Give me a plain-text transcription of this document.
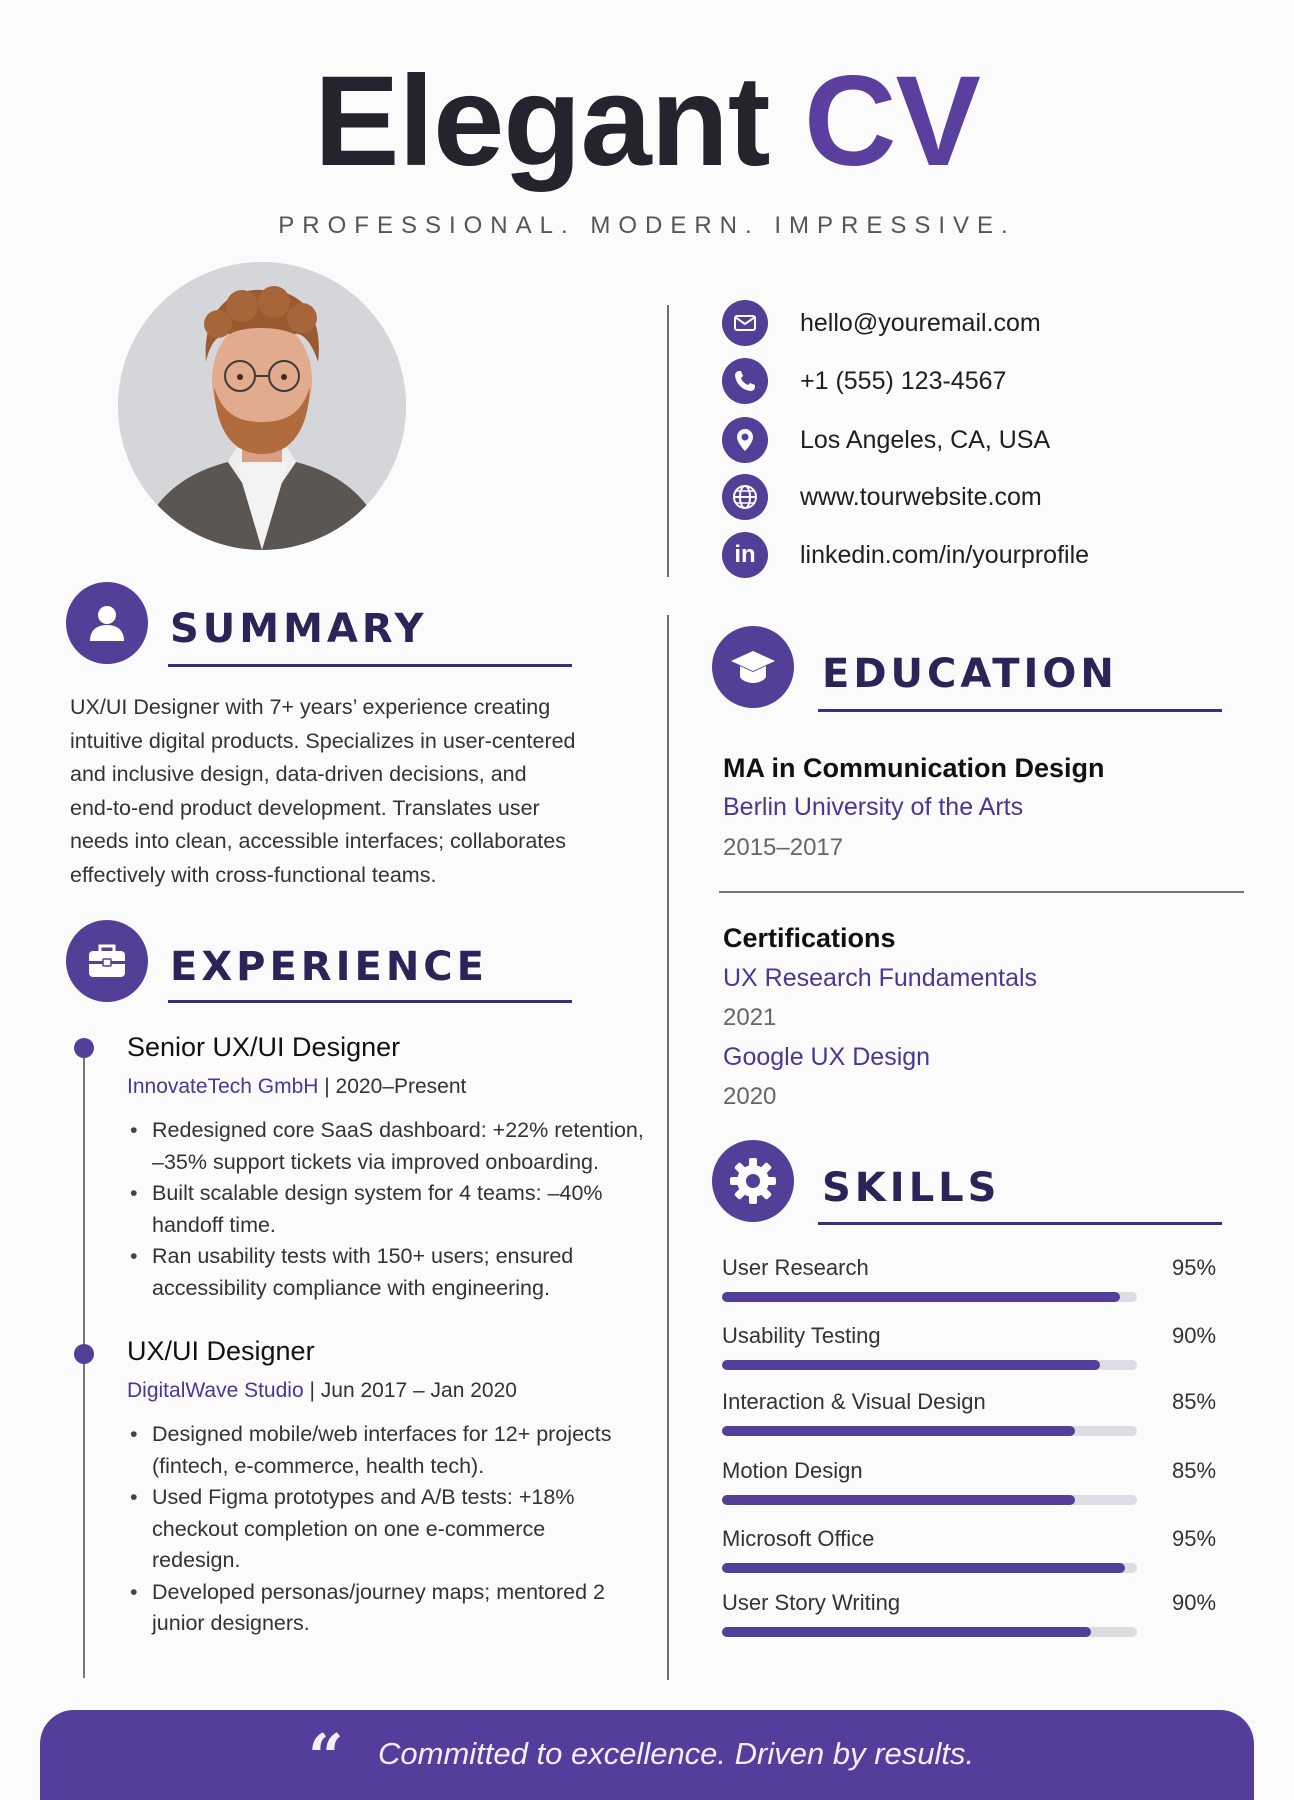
Elegant CV
PROFESSIONAL. MODERN. IMPRESSIVE.
hello@youremail.com
+1 (555) 123-4567
Los Angeles, CA, USA
www.tourwebsite.com
in	linkedin.com/in/yourprofile
SUMMARY
UX/UI Designer with 7+ years’ experience creating
intuitive digital products. Specializes in user-centered
and inclusive design, data-driven decisions, and
end-to-end product development. Translates user
needs into clean, accessible interfaces; collaborates
effectively with cross-functional teams.
EXPERIENCE
Senior UX/UI Designer
InnovateTech GmbH | 2020–Present
• Redesigned core SaaS dashboard: +22% retention,
–35% support tickets via improved onboarding.
• Built scalable design system for 4 teams: –40%
handoff time.
• Ran usability tests with 150+ users; ensured
accessibility compliance with engineering.
UX/UI Designer
DigitalWave Studio | Jun 2017 – Jan 2020
• Designed mobile/web interfaces for 12+ projects
(fintech, e-commerce, health tech).
• Used Figma prototypes and A/B tests: +18%
checkout completion on one e-commerce
redesign.
• Developed personas/journey maps; mentored 2
junior designers.
EDUCATION
MA in Communication Design
Berlin University of the Arts
2015–2017
Certifications
UX Research Fundamentals
2021
Google UX Design
2020
SKILLS
User Research	95%
Usability Testing	90%
Interaction & Visual Design	85%
Motion Design	85%
Microsoft Office	95%
User Story Writing	90%
“ Committed to excellence. Driven by results.
